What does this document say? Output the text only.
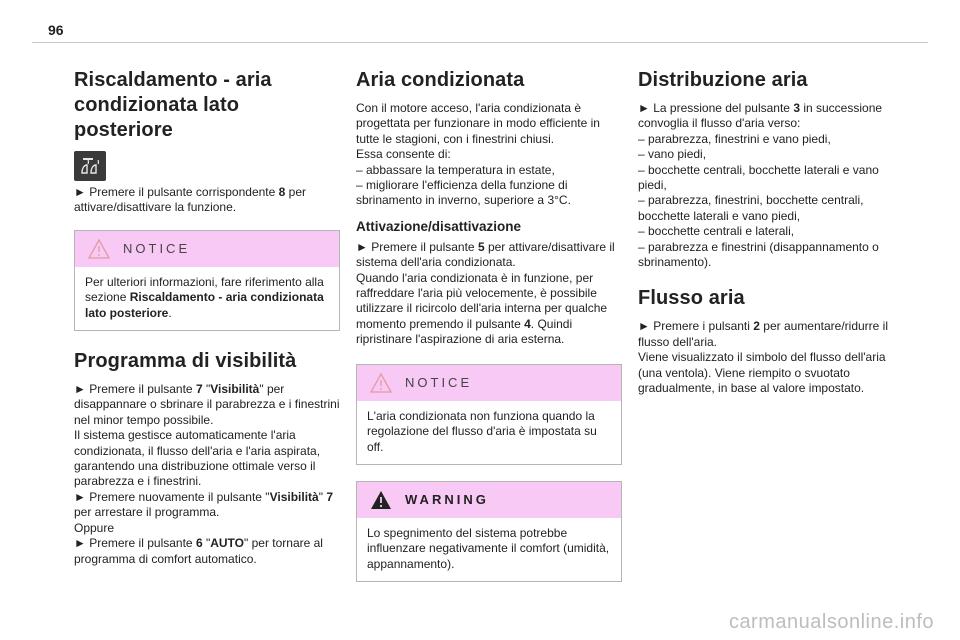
96
Riscaldamento - aria condizionata lato posteriore

► Premere il pulsante corrispondente 8 per attivare/disattivare la funzione.

NOTICE

Per ulteriori informazioni, fare riferimento alla sezione Riscaldamento - aria condizionata lato posteriore.

Programma di visibilità

► Premere il pulsante 7 "Visibilità" per disappannare o sbrinare il parabrezza e i finestrini nel minor tempo possibile.

Il sistema gestisce automaticamente l'aria condizionata, il flusso dell'aria e l'aria aspirata, garantendo una distribuzione ottimale verso il parabrezza e i finestrini.

► Premere nuovamente il pulsante "Visibilità" 7 per arrestare il programma.

Oppure

► Premere il pulsante 6 "AUTO" per tornare al programma di comfort automatico.

Aria condizionata

Con il motore acceso, l'aria condizionata è progettata per funzionare in modo efficiente in tutte le stagioni, con i finestrini chiusi.

Essa consente di:

– abbassare la temperatura in estate,

– migliorare l'efficienza della funzione di sbrinamento in inverno, superiore a 3°C.

Attivazione/disattivazione

► Premere il pulsante 5 per attivare/disattivare il sistema dell'aria condizionata.

Quando l'aria condizionata è in funzione, per raffreddare l'aria più velocemente, è possibile utilizzare il ricircolo dell'aria interna per qualche momento premendo il pulsante 4. Quindi ripristinare l'aspirazione di aria esterna.

NOTICE

L'aria condizionata non funziona quando la regolazione del flusso d'aria è impostata su off.

WARNING

Lo spegnimento del sistema potrebbe influenzare negativamente il comfort (umidità, appannamento).

Distribuzione aria

► La pressione del pulsante 3 in successione convoglia il flusso d'aria verso:

– parabrezza, finestrini e vano piedi,

– vano piedi,

– bocchette centrali, bocchette laterali e vano piedi,

– parabrezza, finestrini, bocchette centrali, bocchette laterali e vano piedi,

– bocchette centrali e laterali,

– parabrezza e finestrini (disappannamento o sbrinamento).

Flusso aria

► Premere i pulsanti 2 per aumentare/ridurre il flusso dell'aria.

Viene visualizzato il simbolo del flusso dell'aria (una ventola). Viene riempito o svuotato gradualmente, in base al valore impostato.

carmanualsonline.info
